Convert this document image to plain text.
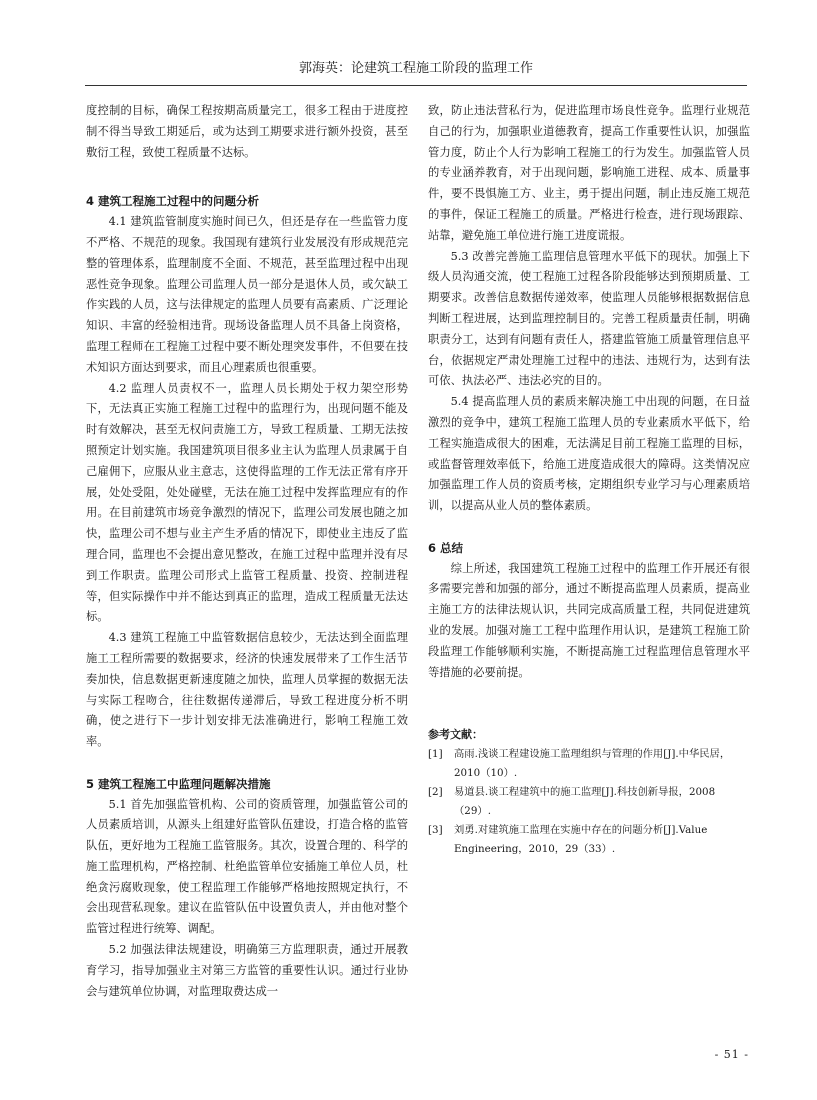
郭海英：论建筑工程施工阶段的监理工作

度控制的目标，确保工程按期高质量完工，很多工程由于进度控制不得当导致工期延后，或为达到工期要求进行额外投资，甚至敷衍工程，致使工程质量不达标。

4 建筑工程施工过程中的问题分析

4.1 建筑监管制度实施时间已久，但还是存在一些监管力度不严格、不规范的现象。我国现有建筑行业发展没有形成规范完整的管理体系，监理制度不全面、不规范，甚至监理过程中出现恶性竞争现象。监理公司监理人员一部分是退休人员，或欠缺工作实践的人员，这与法律规定的监理人员要有高素质、广泛理论知识、丰富的经验相违背。现场设备监理人员不具备上岗资格，监理工程师在工程施工过程中要不断处理突发事件，不但要在技术知识方面达到要求，而且心理素质也很重要。

4.2 监理人员责权不一，监理人员长期处于权力架空形势下，无法真正实施工程施工过程中的监理行为，出现问题不能及时有效解决，甚至无权问责施工方，导致工程质量、工期无法按照预定计划实施。我国建筑项目很多业主认为监理人员隶属于自己雇佣下，应服从业主意志，这使得监理的工作无法正常有序开展，处处受阻，处处碰壁，无法在施工过程中发挥监理应有的作用。在目前建筑市场竞争激烈的情况下，监理公司发展也随之加快，监理公司不想与业主产生矛盾的情况下，即使业主违反了监理合同，监理也不会提出意见整改，在施工过程中监理并没有尽到工作职责。监理公司形式上监管工程质量、投资、控制进程等，但实际操作中并不能达到真正的监理，造成工程质量无法达标。

4.3 建筑工程施工中监管数据信息较少，无法达到全面监理施工工程所需要的数据要求，经济的快速发展带来了工作生活节奏加快，信息数据更新速度随之加快，监理人员掌握的数据无法与实际工程吻合，往往数据传递滞后，导致工程进度分析不明确，使之进行下一步计划安排无法准确进行，影响工程施工效率。

5 建筑工程施工中监理问题解决措施

5.1 首先加强监管机构、公司的资质管理，加强监管公司的人员素质培训，从源头上组建好监管队伍建设，打造合格的监管队伍，更好地为工程施工监管服务。其次，设置合理的、科学的施工监理机构，严格控制、杜绝监管单位安插施工单位人员，杜绝贪污腐败现象，使工程监理工作能够严格地按照规定执行，不会出现营私现象。建议在监管队伍中设置负责人，并由他对整个监管过程进行统筹、调配。

5.2 加强法律法规建设，明确第三方监理职责，通过开展教育学习，指导加强业主对第三方监管的重要性认识。通过行业协会与建筑单位协调，对监理取费达成一

致，防止违法营私行为，促进监理市场良性竞争。监理行业规范自己的行为，加强职业道德教育，提高工作重要性认识，加强监管力度，防止个人行为影响工程施工的行为发生。加强监管人员的专业涵养教育，对于出现问题，影响施工进程、成本、质量事件，要不畏惧施工方、业主，勇于提出问题，制止违反施工规范的事件，保证工程施工的质量。严格进行检查，进行现场跟踪、站靠，避免施工单位进行施工进度谎报。

5.3 改善完善施工监理信息管理水平低下的现状。加强上下级人员沟通交流，使工程施工过程各阶段能够达到预期质量、工期要求。改善信息数据传递效率，使监理人员能够根据数据信息判断工程进展，达到监理控制目的。完善工程质量责任制，明确职责分工，达到有问题有责任人，搭建监管施工质量管理信息平台，依据规定严肃处理施工过程中的违法、违规行为，达到有法可依、执法必严、违法必究的目的。

5.4 提高监理人员的素质来解决施工中出现的问题，在日益激烈的竞争中，建筑工程施工监理人员的专业素质水平低下，给工程实施造成很大的困难，无法满足目前工程施工监理的目标，或监督管理效率低下，给施工进度造成很大的障碍。这类情况应加强监理工作人员的资质考核，定期组织专业学习与心理素质培训，以提高从业人员的整体素质。

6 总结

综上所述，我国建筑工程施工过程中的监理工作开展还有很多需要完善和加强的部分，通过不断提高监理人员素质，提高业主施工方的法律法规认识，共同完成高质量工程，共同促进建筑业的发展。加强对施工工程中监理作用认识，是建筑工程施工阶段监理工作能够顺利实施，不断提高施工过程监理信息管理水平等措施的必要前提。

参考文献：
[1]	高雨.浅谈工程建设施工监理组织与管理的作用[J].中华民居，2010（10）.
[2]	易道县.谈工程建筑中的施工监理[J].科技创新导报，2008（29）.
[3]	刘勇.对建筑施工监理在实施中存在的问题分析[J].Value Engineering，2010，29（33）.
- 51 -
